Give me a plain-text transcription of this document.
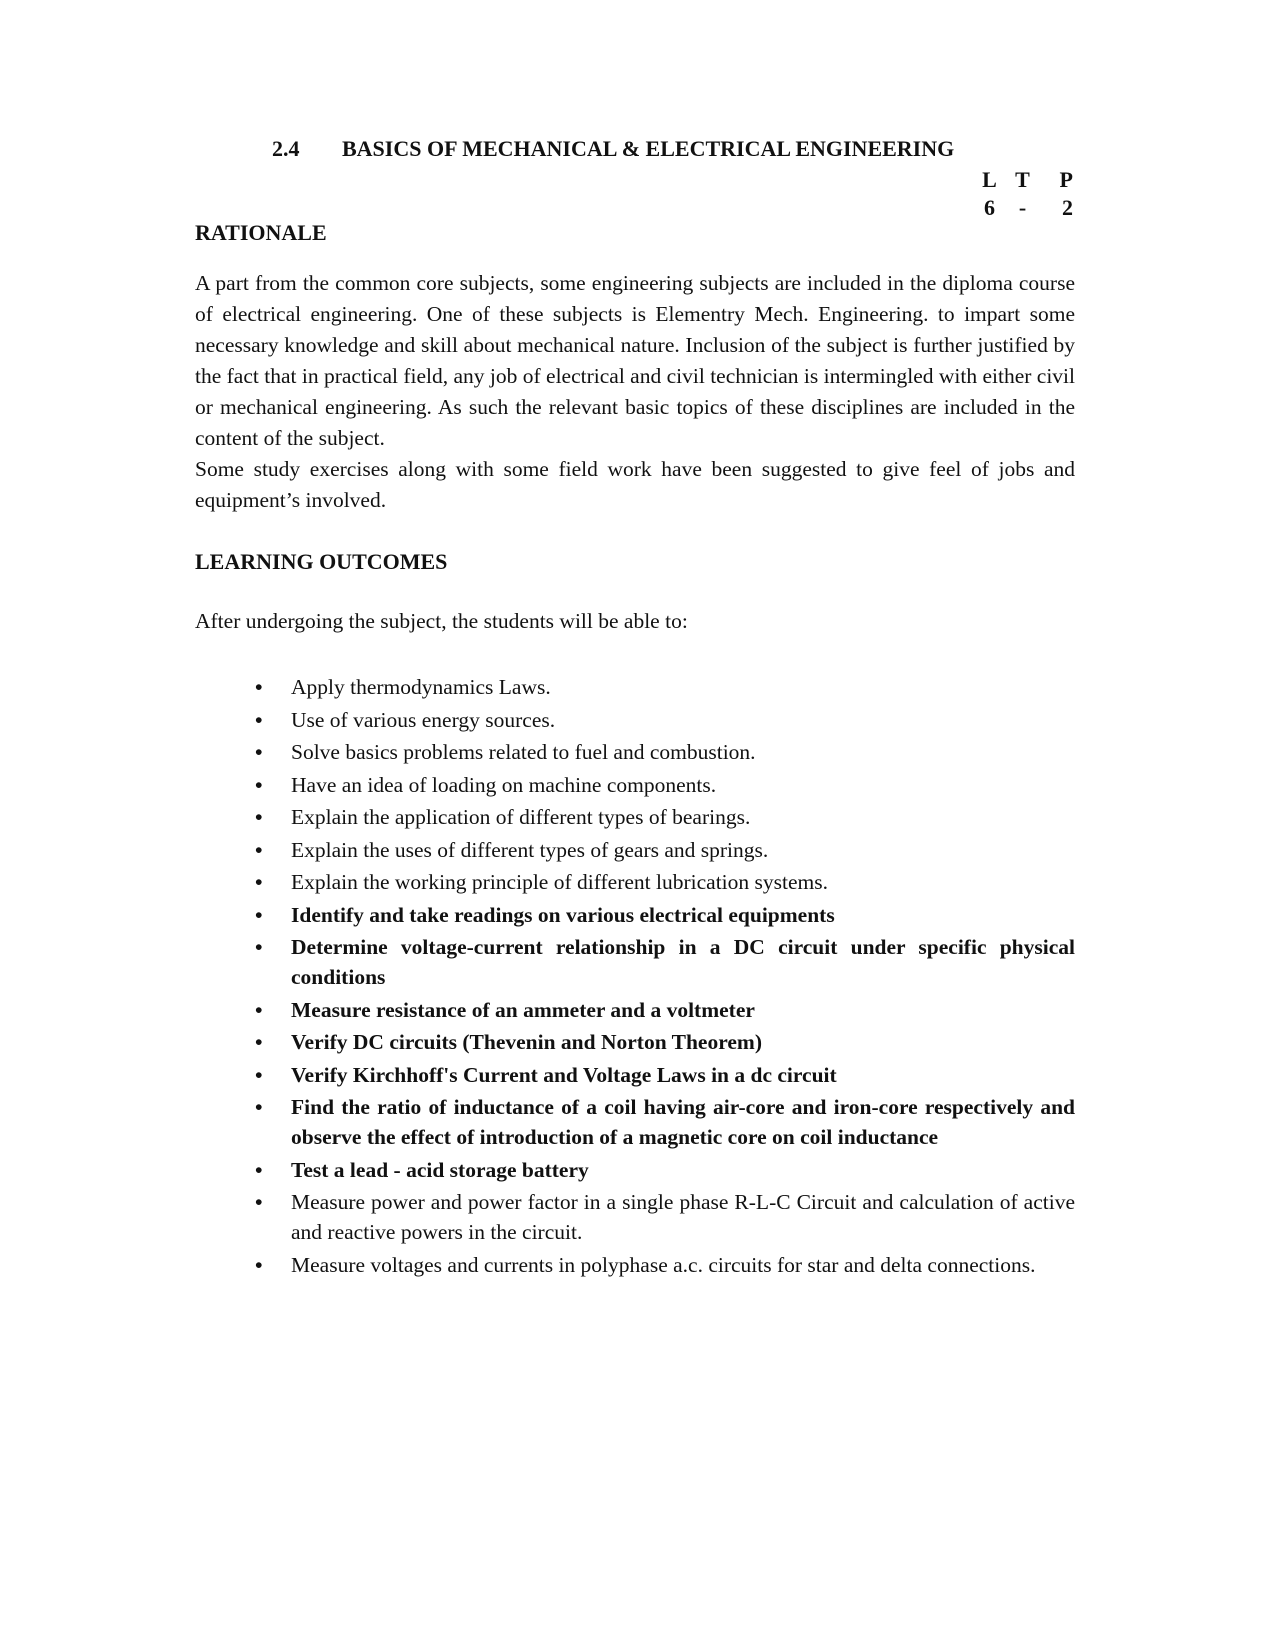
2.4 BASICS OF MECHANICAL & ELECTRICAL ENGINEERING
L T	P
6	-	2
RATIONALE

A part from the common core subjects, some engineering subjects are included in the diploma course of electrical engineering. One of these subjects is Elementry Mech. Engineering. to impart some necessary knowledge and skill about mechanical nature. Inclusion of the subject is further justified by the fact that in practical field, any job of electrical and civil technician is intermingled with either civil or mechanical engineering. As such the relevant basic topics of these disciplines are included in the content of the subject.

Some study exercises along with some field work have been suggested to give feel of jobs and equipment’s involved.

LEARNING OUTCOMES

After undergoing the subject, the students will be able to:

• Apply thermodynamics Laws.
• Use of various energy sources.
• Solve basics problems related to fuel and combustion.
• Have an idea of loading on machine components.
• Explain the application of different types of bearings.
• Explain the uses of different types of gears and springs.
• Explain the working principle of different lubrication systems.
• Identify and take readings on various electrical equipments
• Determine voltage-current relationship in a DC circuit under specific physical conditions
• Measure resistance of an ammeter and a voltmeter
• Verify DC circuits (Thevenin and Norton Theorem)
• Verify Kirchhoff's Current and Voltage Laws in a dc circuit
• Find the ratio of inductance of a coil having air-core and iron-core respectively and observe the effect of introduction of a magnetic core on coil inductance
• Test a lead - acid storage battery
• Measure power and power factor in a single phase R-L-C Circuit and calculation of active and reactive powers in the circuit.
• Measure voltages and currents in polyphase a.c. circuits for star and delta connections.
